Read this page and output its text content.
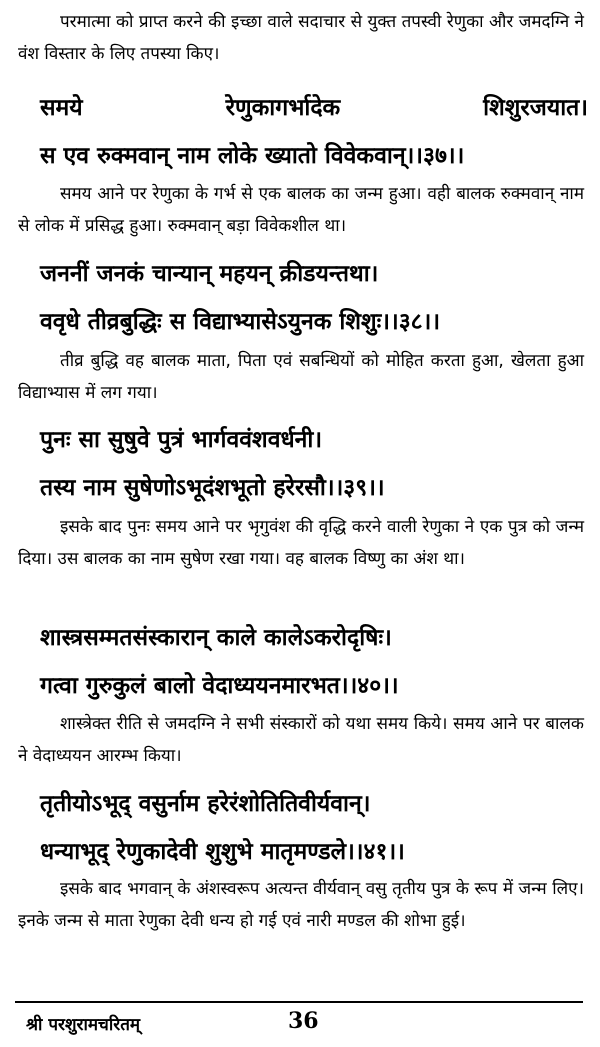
परमात्मा को प्राप्त करने की इच्छा वाले सदाचार से युक्त तपस्वी रेणुका और जमदग्नि ने वंश विस्तार के लिए तपस्या किए।

समये रेणुकागर्भादेक शिशुरजयात।
स एव रुक्मवान् नाम लोके ख्यातो विवेकवान्।।३७।।

समय आने पर रेणुका के गर्भ से एक बालक का जन्म हुआ। वही बालक रुक्मवान् नाम से लोक में प्रसिद्ध हुआ। रुक्मवान् बड़ा विवेकशील था।

जननीं जनकं चान्यान् महयन् क्रीडयन्तथा।
ववृधे तीव्रबुद्धिः स विद्याभ्यासेऽयुनक शिशुः।।३८।।

तीव्र बुद्धि वह बालक माता, पिता एवं सबन्धियों को मोहित करता हुआ, खेलता हुआ विद्याभ्यास में लग गया।

पुनः सा सुषुवे पुत्रं भार्गववंशवर्धनी।
तस्य नाम सुषेणोऽभूदंशभूतो हरेरसौ।।३९।।

इसके बाद पुनः समय आने पर भृगुवंश की वृद्धि करने वाली रेणुका ने एक पुत्र को जन्म दिया। उस बालक का नाम सुषेण रखा गया। वह बालक विष्णु का अंश था।

शास्त्रसम्मतसंस्कारान् काले कालेऽकरोदृषिः।
गत्वा गुरुकुलं बालो वेदाध्ययनमारभत।।४०।।

शास्त्रेक्त रीति से जमदग्नि ने सभी संस्कारों को यथा समय किये। समय आने पर बालक ने वेदाध्ययन आरम्भ किया।

तृतीयोऽभूद् वसुर्नाम हरेरंशोतितिवीर्यवान्।
धन्याभूद् रेणुकादेवी शुशुभे मातृमण्डले।।४१।।

इसके बाद भगवान् के अंशस्वरूप अत्यन्त वीर्यवान् वसु तृतीय पुत्र के रूप में जन्म लिए। इनके जन्म से माता रेणुका देवी धन्य हो गई एवं नारी मण्डल की शोभा हुई।

श्री परशुरामचरितम्	36
